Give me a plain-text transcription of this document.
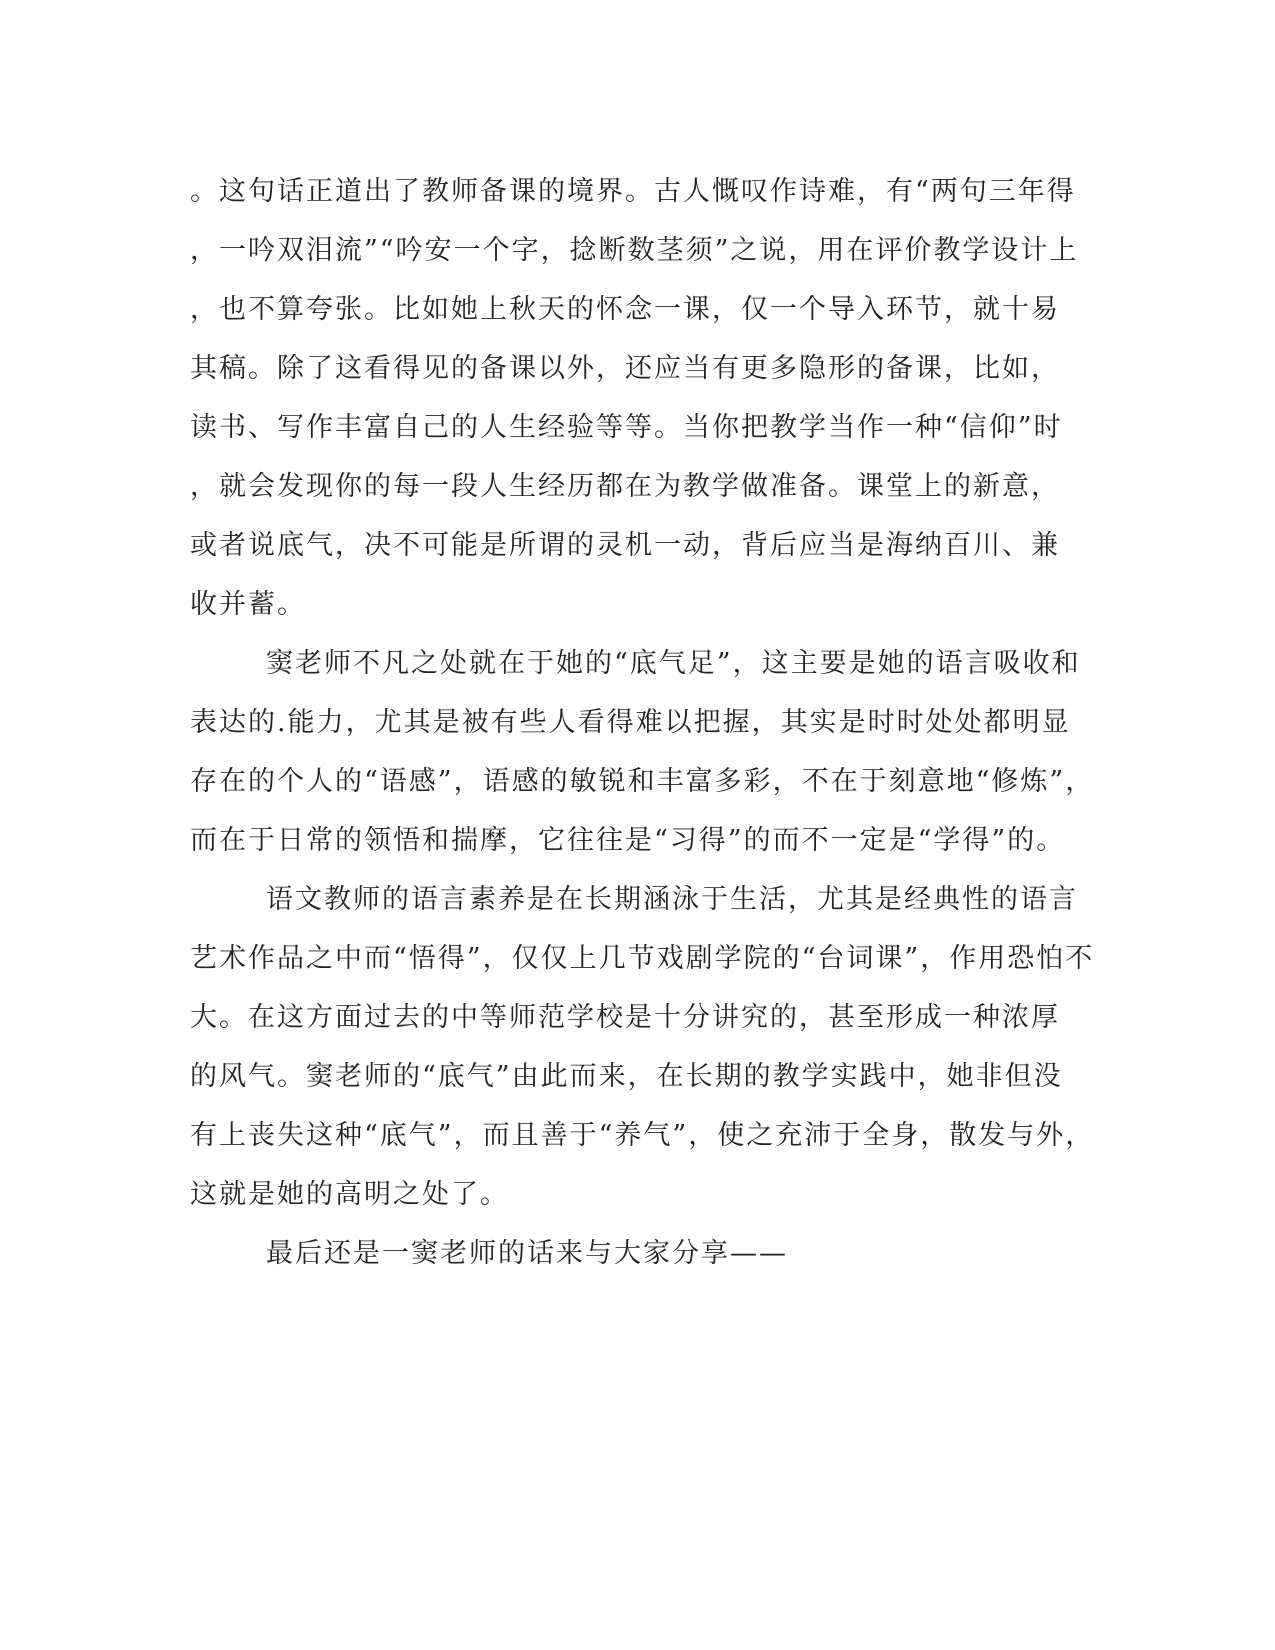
。这句话正道出了教师备课的境界。古人慨叹作诗难，有“两句三年得
，一吟双泪流”“吟安一个字，捻断数茎须”之说，用在评价教学设计上
，也不算夸张。比如她上秋天的怀念一课，仅一个导入环节，就十易
其稿。除了这看得见的备课以外，还应当有更多隐形的备课，比如，
读书、写作丰富自己的人生经验等等。当你把教学当作一种“信仰”时
，就会发现你的每一段人生经历都在为教学做准备。课堂上的新意，
或者说底气，决不可能是所谓的灵机一动，背后应当是海纳百川、兼
收并蓄。
窦老师不凡之处就在于她的“底气足”，这主要是她的语言吸收和
表达的.能力，尤其是被有些人看得难以把握，其实是时时处处都明显
存在的个人的“语感”，语感的敏锐和丰富多彩，不在于刻意地“修炼”，
而在于日常的领悟和揣摩，它往往是“习得”的而不一定是“学得”的。
语文教师的语言素养是在长期涵泳于生活，尤其是经典性的语言
艺术作品之中而“悟得”，仅仅上几节戏剧学院的“台词课”，作用恐怕不
大。在这方面过去的中等师范学校是十分讲究的，甚至形成一种浓厚
的风气。窦老师的“底气”由此而来，在长期的教学实践中，她非但没
有上丧失这种“底气”，而且善于“养气”，使之充沛于全身，散发与外，
这就是她的高明之处了。
最后还是一窦老师的话来与大家分享——
